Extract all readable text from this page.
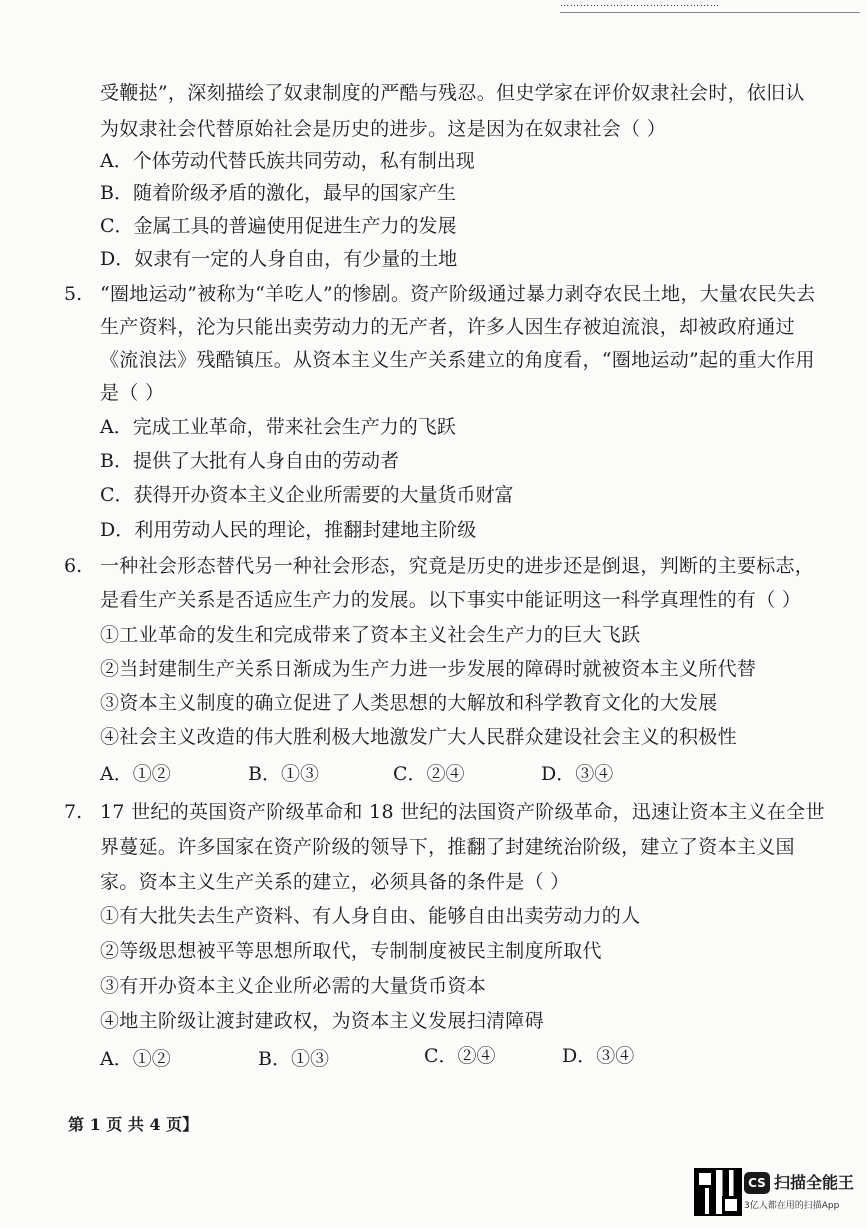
…………………………………………
受鞭挞”，深刻描绘了奴隶制度的严酷与残忍。但史学家在评价奴隶社会时，依旧认
为奴隶社会代替原始社会是历史的进步。这是因为在奴隶社会（ ）
A．个体劳动代替氏族共同劳动，私有制出现
B．随着阶级矛盾的激化，最早的国家产生
C．金属工具的普遍使用促进生产力的发展
D．奴隶有一定的人身自由，有少量的土地
5. “圈地运动”被称为“羊吃人”的惨剧。资产阶级通过暴力剥夺农民土地，大量农民失去
生产资料，沦为只能出卖劳动力的无产者，许多人因生存被迫流浪，却被政府通过
《流浪法》残酷镇压。从资本主义生产关系建立的角度看，“圈地运动”起的重大作用
是（ ）
A．完成工业革命，带来社会生产力的飞跃
B．提供了大批有人身自由的劳动者
C．获得开办资本主义企业所需要的大量货币财富
D．利用劳动人民的理论，推翻封建地主阶级
6. 一种社会形态替代另一种社会形态，究竟是历史的进步还是倒退，判断的主要标志，
是看生产关系是否适应生产力的发展。以下事实中能证明这一科学真理性的有（ ）
①工业革命的发生和完成带来了资本主义社会生产力的巨大飞跃
②当封建制生产关系日渐成为生产力进一步发展的障碍时就被资本主义所代替
③资本主义制度的确立促进了人类思想的大解放和科学教育文化的大发展
④社会主义改造的伟大胜利极大地激发广大人民群众建设社会主义的积极性
A．①②	B．①③	C．②④	D．③④
7. 17 世纪的英国资产阶级革命和 18 世纪的法国资产阶级革命，迅速让资本主义在全世
界蔓延。许多国家在资产阶级的领导下，推翻了封建统治阶级，建立了资本主义国
家。资本主义生产关系的建立，必须具备的条件是（ ）
①有大批失去生产资料、有人身自由、能够自由出卖劳动力的人
②等级思想被平等思想所取代，专制制度被民主制度所取代
③有开办资本主义企业所必需的大量货币资本
④地主阶级让渡封建政权，为资本主义发展扫清障碍
A．①②	B．①③	C．②④	D．③④
第 1 页 共 4 页】
CS 扫描全能王
3亿人都在用的扫描App
